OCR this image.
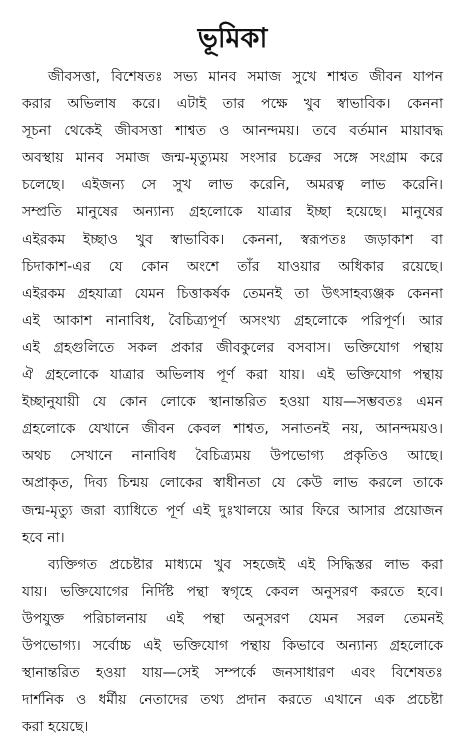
ভূমিকা
জীবসত্তা, বিশেষতঃ সভ্য মানব সমাজ সুখে শাশ্বত জীবন যাপন
করার অভিলাষ করে। এটাই তার পক্ষে খুব স্বাভাবিক। কেননা
সূচনা থেকেই জীবসত্তা শাশ্বত ও আনন্দময়। তবে বর্তমান মায়াবদ্ধ
অবস্থায় মানব সমাজ জন্ম-মৃত্যুময় সংসার চক্রের সঙ্গে সংগ্রাম করে
চলেছে। এইজন্য সে সুখ লাভ করেনি, অমরত্ব লাভ করেনি।
সম্প্রতি মানুষের অন্যান্য গ্রহলোকে যাত্রার ইচ্ছা হয়েছে। মানুষের
এইরকম ইচ্ছাও খুব স্বাভাবিক। কেননা, স্বরূপতঃ জড়াকাশ বা
চিদাকাশ-এর যে কোন অংশে তাঁর যাওয়ার অধিকার রয়েছে।
এইরকম গ্রহযাত্রা যেমন চিত্তাকর্ষক তেমনই তা উৎসাহব্যঞ্জক কেননা
এই আকাশ নানাবিধ, বৈচিত্র্যপূর্ণ অসংখ্য গ্রহলোকে পরিপূর্ণ। আর
এই গ্রহগুলিতে সকল প্রকার জীবকুলের বসবাস। ভক্তিযোগ পন্থায়
ঐ গ্রহলোকে যাত্রার অভিলাষ পূর্ণ করা যায়। এই ভক্তিযোগ পন্থায়
ইচ্ছানুযায়ী যে কোন লোকে স্থানান্তরিত হওয়া যায়—সম্ভবতঃ এমন
গ্রহলোকে যেখানে জীবন কেবল শাশ্বত, সনাতনই নয়, আনন্দময়ও।
অথচ সেখানে নানাবিধ বৈচিত্র্যময় উপভোগ্য প্রকৃতিও আছে।
অপ্রাকৃত, দিব্য চিন্ময় লোকের স্বাধীনতা যে কেউ লাভ করলে তাকে
জন্ম-মৃত্যু জরা ব্যাধিতে পূর্ণ এই দুঃখালয়ে আর ফিরে আসার প্রয়োজন
হবে না।
ব্যক্তিগত প্রচেষ্টার মাধ্যমে খুব সহজেই এই সিদ্ধিস্তর লাভ করা
যায়। ভক্তিযোগের নির্দিষ্ট পন্থা স্বগৃহে কেবল অনুসরণ করতে হবে।
উপযুক্ত পরিচালনায় এই পন্থা অনুসরণ যেমন সরল তেমনই
উপভোগ্য। সর্বোচ্চ এই ভক্তিযোগ পন্থায় কিভাবে অন্যান্য গ্রহলোকে
স্থানান্তরিত হওয়া যায়—সেই সম্পর্কে জনসাধারণ এবং বিশেষতঃ
দার্শনিক ও ধর্মীয় নেতাদের তথ্য প্রদান করতে এখানে এক প্রচেষ্টা
করা হয়েছে।
